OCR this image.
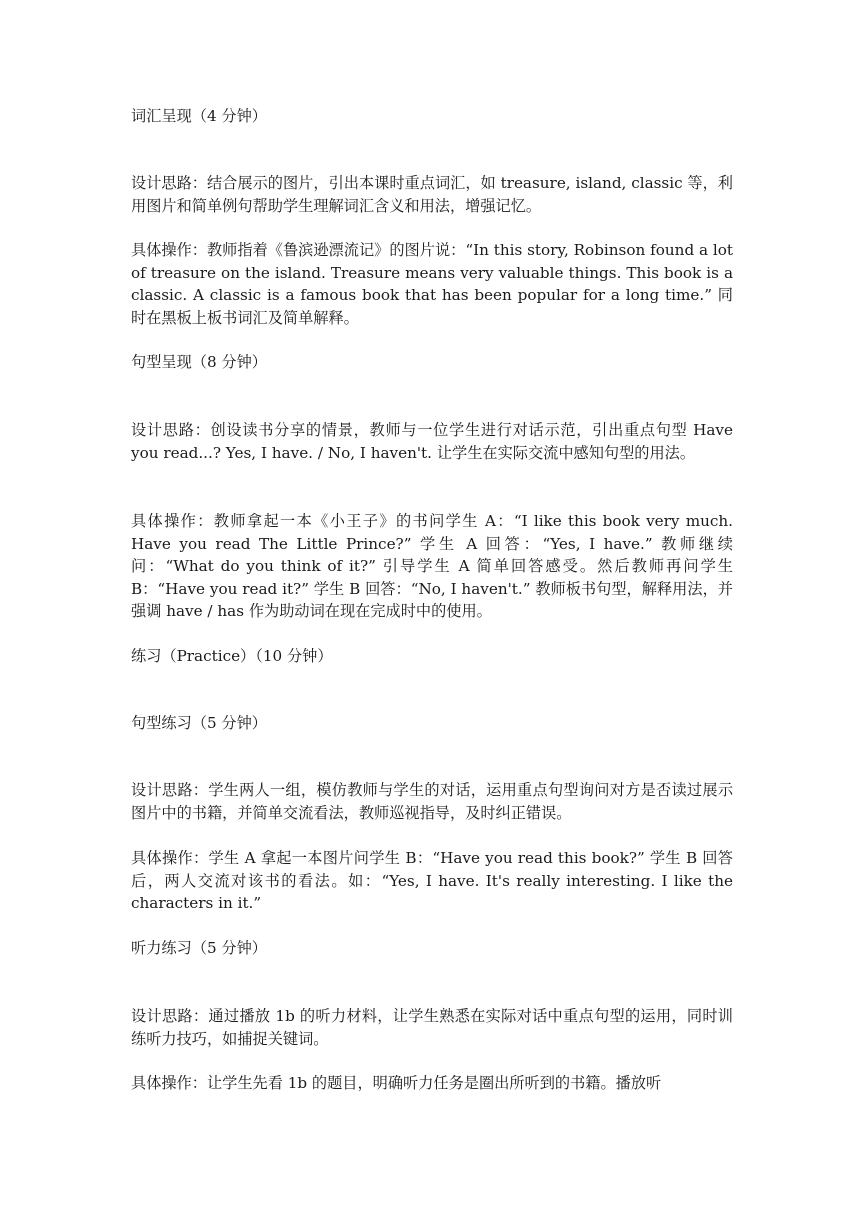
词汇呈现（4 分钟）

设计思路：结合展示的图片，引出本课时重点词汇，如 treasure, island, classic 等，利用图片和简单例句帮助学生理解词汇含义和用法，增强记忆。

具体操作：教师指着《鲁滨逊漂流记》的图片说：“In this story, Robinson found a lot of treasure on the island. Treasure means very valuable things. This book is a classic. A classic is a famous book that has been popular for a long time.” 同时在黑板上板书词汇及简单解释。

句型呈现（8 分钟）

设计思路：创设读书分享的情景，教师与一位学生进行对话示范，引出重点句型 Have you read...? Yes, I have. / No, I haven't. 让学生在实际交流中感知句型的用法。

具体操作：教师拿起一本《小王子》的书问学生 A：“I like this book very much. Have you read The Little Prince?” 学生 A 回答：“Yes, I have.” 教师继续问：“What do you think of it?” 引导学生 A 简单回答感受。然后教师再问学生 B：“Have you read it?” 学生 B 回答：“No, I haven't.” 教师板书句型，解释用法，并强调 have / has 作为助动词在现在完成时中的使用。

练习（Practice）（10 分钟）

句型练习（5 分钟）

设计思路：学生两人一组，模仿教师与学生的对话，运用重点句型询问对方是否读过展示图片中的书籍，并简单交流看法，教师巡视指导，及时纠正错误。

具体操作：学生 A 拿起一本图片问学生 B：“Have you read this book?” 学生 B 回答后，两人交流对该书的看法。如：“Yes, I have. It's really interesting. I like the characters in it.”

听力练习（5 分钟）

设计思路：通过播放 1b 的听力材料，让学生熟悉在实际对话中重点句型的运用，同时训练听力技巧，如捕捉关键词。

具体操作：让学生先看 1b 的题目，明确听力任务是圈出所听到的书籍。播放听
